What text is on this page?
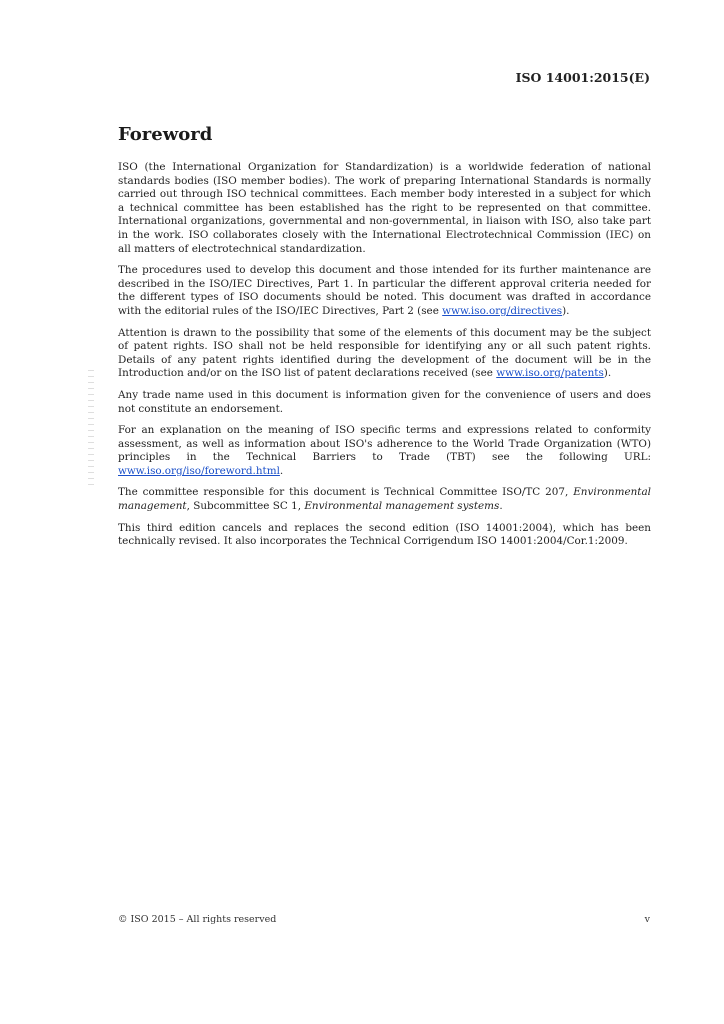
ISO 14001:2015(E)

Foreword

ISO (the International Organization for Standardization) is a worldwide federation of national standards bodies (ISO member bodies). The work of preparing International Standards is normally carried out through ISO technical committees. Each member body interested in a subject for which a technical committee has been established has the right to be represented on that committee. International organizations, governmental and non-governmental, in liaison with ISO, also take part in the work. ISO collaborates closely with the International Electrotechnical Commission (IEC) on all matters of electrotechnical standardization.

The procedures used to develop this document and those intended for its further maintenance are described in the ISO/IEC Directives, Part 1. In particular the different approval criteria needed for the different types of ISO documents should be noted. This document was drafted in accordance with the editorial rules of the ISO/IEC Directives, Part 2 (see www.iso.org/directives).

Attention is drawn to the possibility that some of the elements of this document may be the subject of patent rights. ISO shall not be held responsible for identifying any or all such patent rights. Details of any patent rights identified during the development of the document will be in the Introduction and/or on the ISO list of patent declarations received (see www.iso.org/patents).

Any trade name used in this document is information given for the convenience of users and does not constitute an endorsement.

For an explanation on the meaning of ISO specific terms and expressions related to conformity assessment, as well as information about ISO's adherence to the World Trade Organization (WTO) principles in the Technical Barriers to Trade (TBT) see the following URL: www.iso.org/iso/foreword.html.

The committee responsible for this document is Technical Committee ISO/TC 207, Environmental management, Subcommittee SC 1, Environmental management systems.

This third edition cancels and replaces the second edition (ISO 14001:2004), which has been technically revised. It also incorporates the Technical Corrigendum ISO 14001:2004/Cor.1:2009.

© ISO 2015 – All rights reserved	v
